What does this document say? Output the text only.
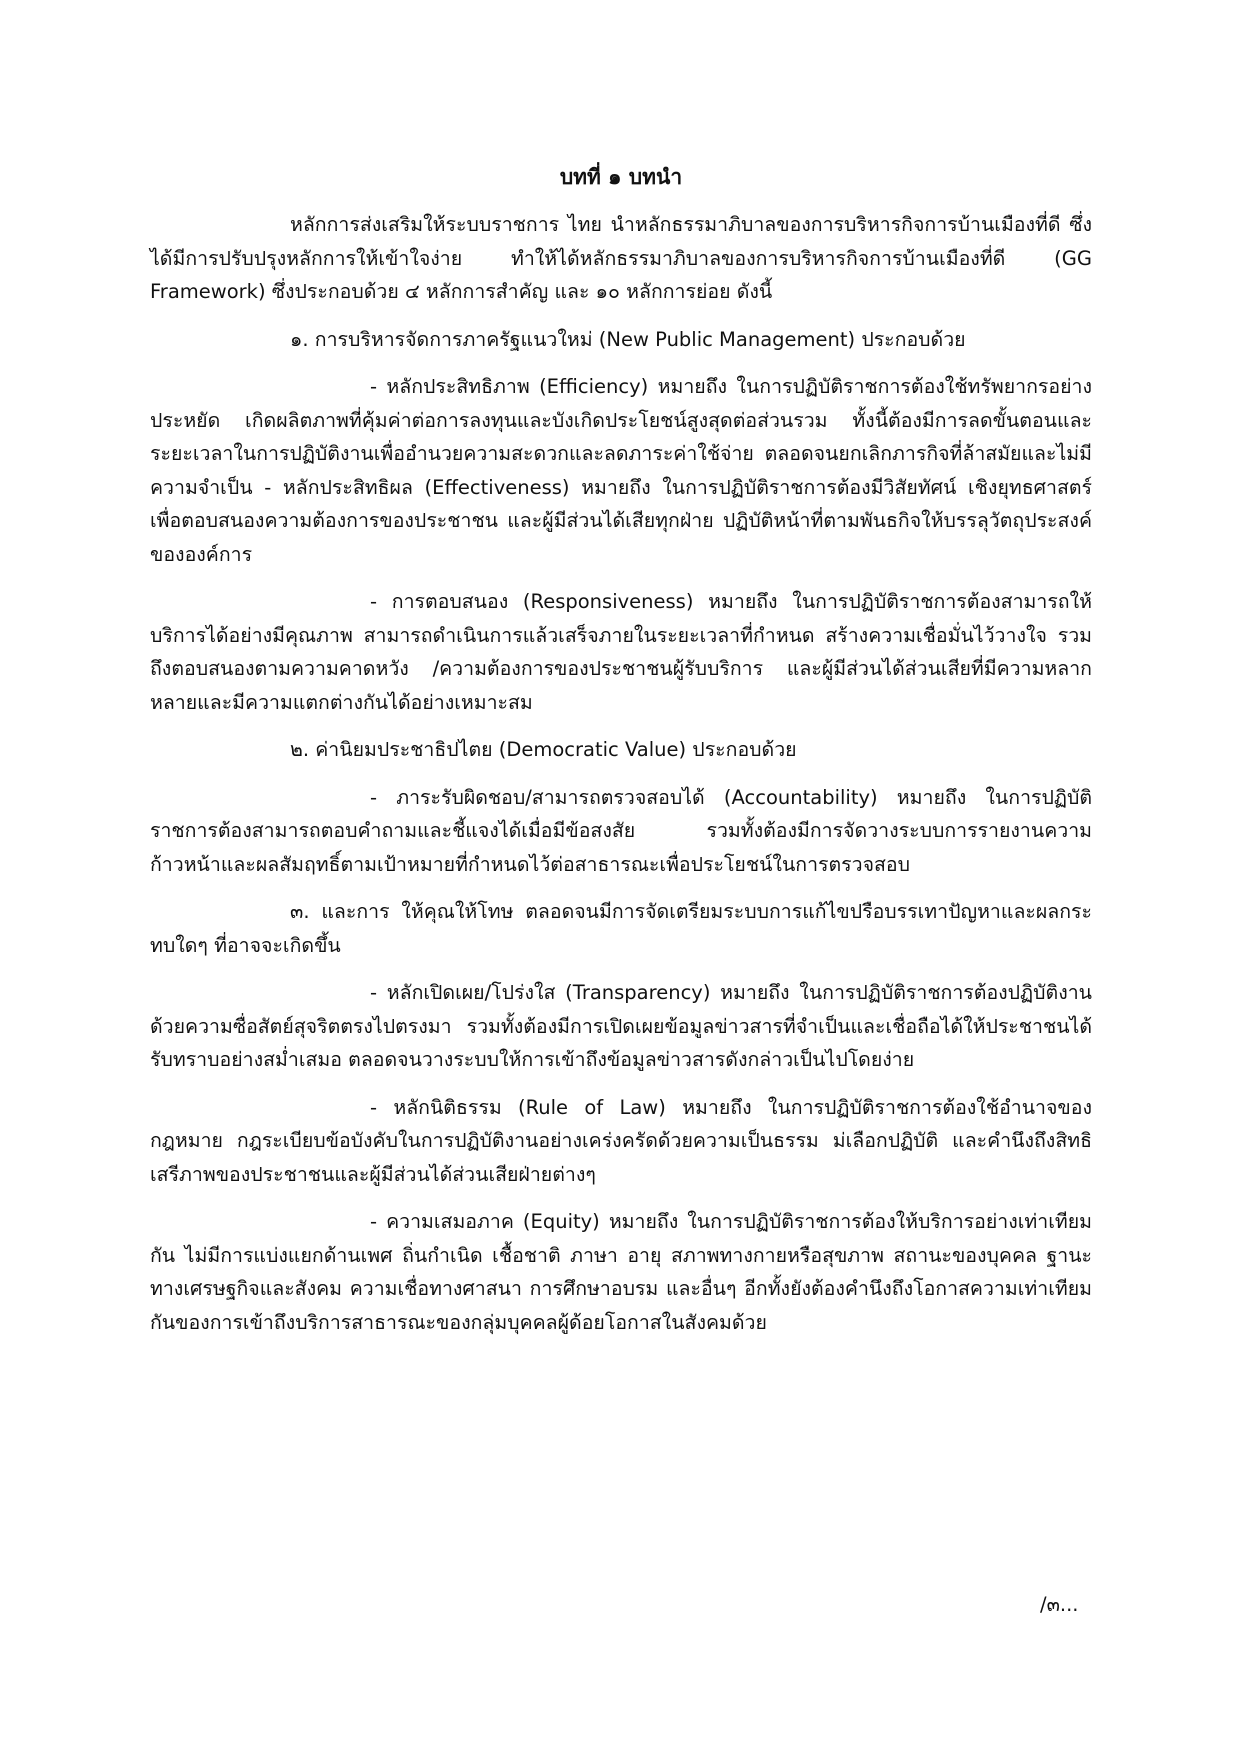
บทที่ ๑ บทนำ

หลักการส่งเสริมให้ระบบราชการ ไทย นำหลักธรรมาภิบาลของการบริหารกิจการบ้านเมืองที่ดี ซึ่งได้มีการปรับปรุงหลักการให้เข้าใจง่าย ทำให้ได้หลักธรรมาภิบาลของการบริหารกิจการบ้านเมืองที่ดี (GG Framework) ซึ่งประกอบด้วย ๔ หลักการสำคัญ และ ๑๐ หลักการย่อย ดังนี้

๑. การบริหารจัดการภาครัฐแนวใหม่ (New Public Management) ประกอบด้วย

- หลักประสิทธิภาพ (Efficiency) หมายถึง ในการปฏิบัติราชการต้องใช้ทรัพยากรอย่างประหยัด เกิดผลิตภาพที่คุ้มค่าต่อการลงทุนและบังเกิดประโยชน์สูงสุดต่อส่วนรวม ทั้งนี้ต้องมีการลดขั้นตอนและระยะเวลาในการปฏิบัติงานเพื่ออำนวยความสะดวกและลดภาระค่าใช้จ่าย ตลอดจนยกเลิกภารกิจที่ล้าสมัยและไม่มีความจำเป็น - หลักประสิทธิผล (Effectiveness) หมายถึง ในการปฏิบัติราชการต้องมีวิสัยทัศน์ เชิงยุทธศาสตร์ เพื่อตอบสนองความต้องการของประชาชน และผู้มีส่วนได้เสียทุกฝ่าย ปฏิบัติหน้าที่ตามพันธกิจให้บรรลุวัตถุประสงค์ขององค์การ

- การตอบสนอง (Responsiveness) หมายถึง ในการปฏิบัติราชการต้องสามารถให้บริการได้อย่างมีคุณภาพ สามารถดำเนินการแล้วเสร็จภายในระยะเวลาที่กำหนด สร้างความเชื่อมั่นไว้วางใจ รวมถึงตอบสนองตามความคาดหวัง /ความต้องการของประชาชนผู้รับบริการ และผู้มีส่วนได้ส่วนเสียที่มีความหลากหลายและมีความแตกต่างกันได้อย่างเหมาะสม

๒. ค่านิยมประชาธิปไตย (Democratic Value) ประกอบด้วย

- ภาระรับผิดชอบ/สามารถตรวจสอบได้ (Accountability) หมายถึง ในการปฏิบัติราชการต้องสามารถตอบคำถามและชี้แจงได้เมื่อมีข้อสงสัย รวมทั้งต้องมีการจัดวางระบบการรายงานความก้าวหน้าและผลสัมฤทธิ์ตามเป้าหมายที่กำหนดไว้ต่อสาธารณะเพื่อประโยชน์ในการตรวจสอบ

๓. และการ ให้คุณให้โทษ ตลอดจนมีการจัดเตรียมระบบการแก้ไขปรือบรรเทาปัญหาและผลกระทบใดๆ ที่อาจจะเกิดขึ้น

- หลักเปิดเผย/โปร่งใส (Transparency) หมายถึง ในการปฏิบัติราชการต้องปฏิบัติงานด้วยความซื่อสัตย์สุจริตตรงไปตรงมา รวมทั้งต้องมีการเปิดเผยข้อมูลข่าวสารที่จำเป็นและเชื่อถือได้ให้ประชาชนได้รับทราบอย่างสม่ำเสมอ ตลอดจนวางระบบให้การเข้าถึงข้อมูลข่าวสารดังกล่าวเป็นไปโดยง่าย

- หลักนิติธรรม (Rule of Law) หมายถึง ในการปฏิบัติราชการต้องใช้อำนาจของกฎหมาย กฎระเบียบข้อบังคับในการปฏิบัติงานอย่างเคร่งครัดด้วยความเป็นธรรม ม่เลือกปฏิบัติ และคำนึงถึงสิทธิเสรีภาพของประชาชนและผู้มีส่วนได้ส่วนเสียฝ่ายต่างๆ

- ความเสมอภาค (Equity) หมายถึง ในการปฏิบัติราชการต้องให้บริการอย่างเท่าเทียมกัน ไม่มีการแบ่งแยกด้านเพศ ถิ่นกำเนิด เชื้อชาติ ภาษา อายุ สภาพทางกายหรือสุขภาพ สถานะของบุคคล ฐานะทางเศรษฐกิจและสังคม ความเชื่อทางศาสนา การศึกษาอบรม และอื่นๆ อีกทั้งยังต้องคำนึงถึงโอกาสความเท่าเทียมกันของการเข้าถึงบริการสาธารณะของกลุ่มบุคคลผู้ด้อยโอกาสในสังคมด้วย

/๓...
